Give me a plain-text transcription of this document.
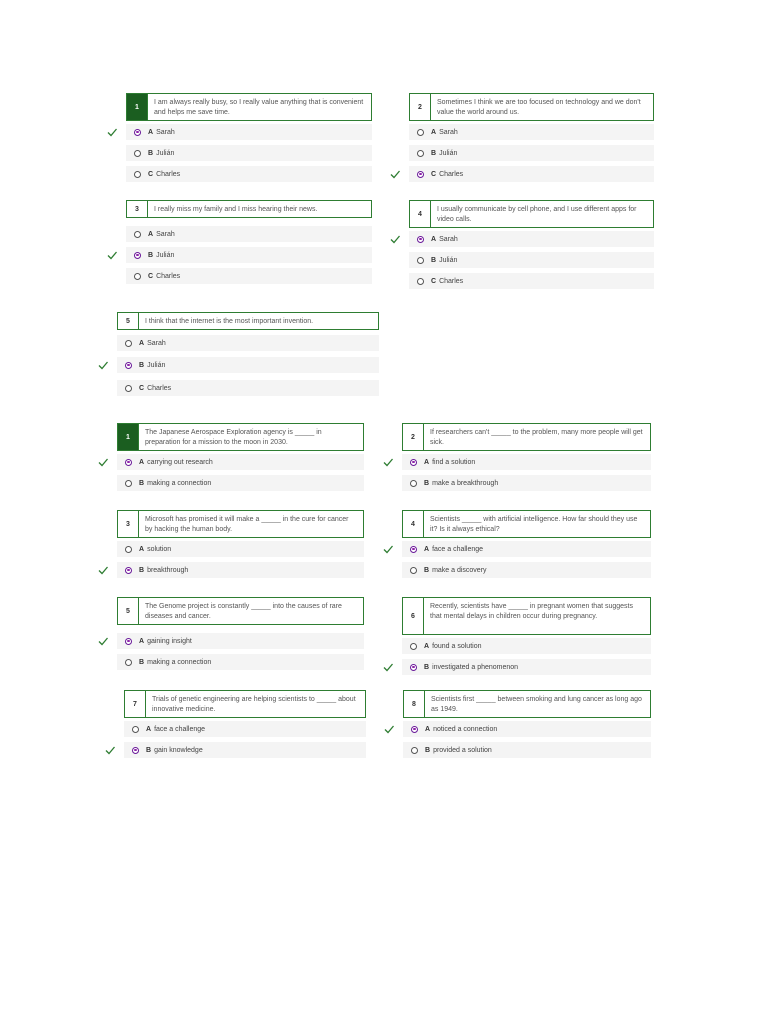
1
I am always really busy, so I really value anything that is convenient and helps me save time.
A Sarah
B Julián
C Charles
2
Sometimes I think we are too focused on technology and we don't value the world around us.
A Sarah
B Julián
C Charles
3	I really miss my family and I miss hearing their news.
A Sarah
B Julián
C Charles
4
I usually communicate by cell phone, and I use different apps for video calls.
A Sarah
B Julián
C Charles
5	I think that the internet is the most important invention.
A Sarah
B Julián
C Charles
1
The Japanese Aerospace Exploration agency is _____ in preparation for a mission to the moon in 2030.
A carrying out research
B making a connection
2
If researchers can't _____ to the problem, many more people will get sick.
A find a solution
B make a breakthrough
3
Microsoft has promised it will make a _____ in the cure for cancer by hacking the human body.
A solution
B breakthrough
4
Scientists _____ with artificial intelligence. How far should they use it? Is it always ethical?
A face a challenge
B make a discovery
5
The Genome project is constantly _____ into the causes of rare diseases and cancer.
A gaining insight
B making a connection
6
Recently, scientists have _____ in pregnant women that suggests that mental delays in children occur during pregnancy.
A found a solution
B investigated a phenomenon
7
Trials of genetic engineering are helping scientists to _____ about innovative medicine.
A face a challenge
B gain knowledge
8
Scientists first _____ between smoking and lung cancer as long ago as 1949.
A noticed a connection
B provided a solution
